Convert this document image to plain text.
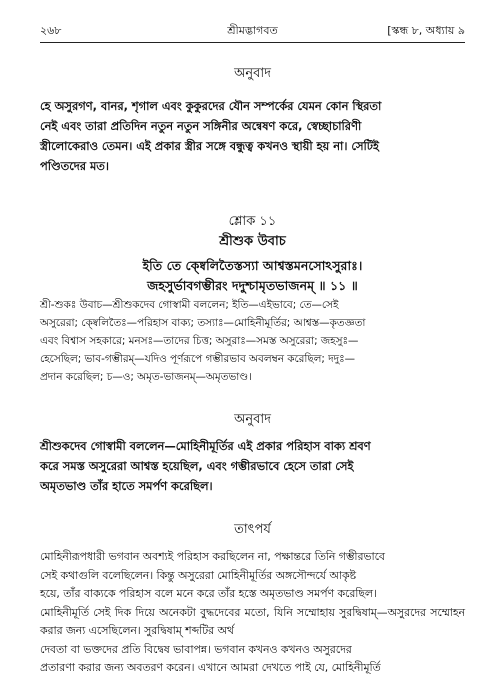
২৬৮	শ্রীমদ্ভাগবত	[স্কন্ধ ৮, অধ্যায় ৯
অনুবাদ
হে অসুরগণ, বানর, শৃগাল এবং কুকুরদের যৌন সম্পর্কের যেমন কোন স্থিরতা
নেই এবং তারা প্রতিদিন নতুন নতুন সঙ্গিনীর অন্বেষণ করে, স্বেচ্ছাচারিণী
স্ত্রীলোকেরাও তেমন। এই প্রকার স্ত্রীর সঙ্গে বন্ধুত্ব কখনও স্থায়ী হয় না। সেটিই
পণ্ডিতদের মত।
শ্লোক ১১
শ্রীশুক উবাচ
ইতি তে ক্ষ্বেলিতৈস্তস্যা আশ্বস্তমনসোঽসুরাঃ।
জহসুর্ভাবগম্ভীরং দদুশ্চামৃতভাজনম্ ॥ ১১ ॥
শ্রী-শুকঃ উবাচ—শ্রীশুকদেব গোস্বামী বললেন; ইতি—এইভাবে; তে—সেই
অসুরেরা; ক্ষ্বেলিতৈঃ—পরিহাস বাক্য; তস্যাঃ—মোহিনীমূর্তির; আশ্বস্ত—কৃতজ্ঞতা
এবং বিশ্বাস সহকারে; মনসঃ—তাদের চিত্ত; অসুরাঃ—সমস্ত অসুরেরা; জহসুঃ—
হেসেছিল; ভাব-গম্ভীরম্—যদিও পূর্ণরূপে গম্ভীরভাব অবলম্বন করেছিল; দদুঃ—
প্রদান করেছিল; চ—ও; অমৃত-ভাজনম্—অমৃতভাণ্ড।
অনুবাদ
শ্রীশুকদেব গোস্বামী বললেন—মোহিনীমূর্তির এই প্রকার পরিহাস বাক্য শ্রবণ
করে সমস্ত অসুরেরা আশ্বস্ত হয়েছিল, এবং গম্ভীরভাবে হেসে তারা সেই
অমৃতভাণ্ড তাঁর হাতে সমর্পণ করেছিল।
তাৎপর্য
মোহিনীরূপধারী ভগবান অবশ্যই পরিহাস করছিলেন না, পক্ষান্তরে তিনি গম্ভীরভাবে
সেই কথাগুলি বলেছিলেন। কিন্তু অসুরেরা মোহিনীমূর্তির অঙ্গসৌন্দর্যে আকৃষ্ট
হয়ে, তাঁর বাক্যকে পরিহাস বলে মনে করে তাঁর হস্তে অমৃতভাণ্ড সমর্পণ করেছিল।
মোহিনীমূর্তি সেই দিক দিয়ে অনেকটা বুদ্ধদেবের মতো, যিনি সম্মোহায় সুরদ্বিষাম্—অসুরদের সম্মোহন করার জন্য এসেছিলেন। সুরদ্বিষাম্ শব্দটির অর্থ
দেবতা বা ভক্তদের প্রতি বিদ্বেষ ভাবাপন্ন। ভগবান কখনও কখনও অসুরদের
প্রতারণা করার জন্য অবতরণ করেন। এখানে আমরা দেখতে পাই যে, মোহিনীমূর্তি
